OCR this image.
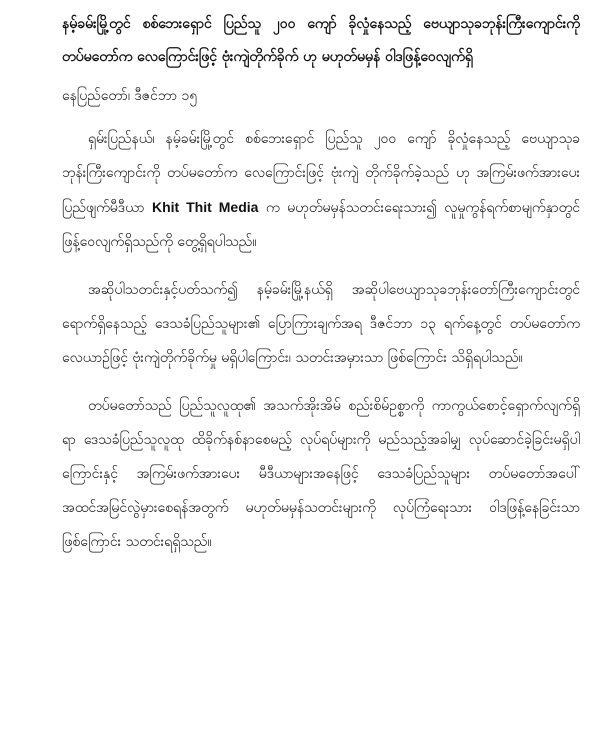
နမ့်ခမ်းမြို့တွင် စစ်ဘေးရှောင် ပြည်သူ ၂၀၀ ကျော် ခိုလှုံနေသည့် ဗေယျာသုခဘုန်းကြီးကျောင်းကို တပ်မတော်က လေကြောင်းဖြင့် ဗုံးကျဲတိုက်ခိုက် ဟု မဟုတ်မမှန် ဝါဒဖြန့်ဝေလျက်ရှိ

နေပြည်တော်၊ ဒီဇင်ဘာ ၁၅

ရှမ်းပြည်နယ်၊ နမ့်ခမ်းမြို့တွင် စစ်ဘေးရှောင် ပြည်သူ ၂၀၀ ကျော် ခိုလှုံနေသည့် ဗေယျာသုခဘုန်းကြီးကျောင်းကို တပ်မတော်က လေကြောင်းဖြင့် ဗုံးကျဲ တိုက်ခိုက်ခဲ့သည် ဟု အကြမ်းဖက်အားပေး ပြည်ဖျက်မီဒီယာ Khit Thit Media က မဟုတ်မမှန်သတင်းရေးသား၍ လူမှုကွန်ရက်စာမျက်နှာတွင် ဖြန့်ဝေလျက်ရှိသည်ကို တွေ့ရှိရပါသည်။

အဆိုပါသတင်းနှင့်ပတ်သက်၍ နမ့်ခမ်းမြို့နယ်ရှိ အဆိုပါဗေယျာသုခဘုန်းတော်ကြီးကျောင်းတွင် ရောက်ရှိနေသည့် ဒေသခံပြည်သူများ၏ ပြောကြားချက်အရ ဒီဇင်ဘာ ၁၃ ရက်နေ့တွင် တပ်မတော်က လေယာဉ်ဖြင့် ဗုံးကျဲတိုက်ခိုက်မှု မရှိပါကြောင်း၊ သတင်းအမှားသာ ဖြစ်ကြောင်း သိရှိရပါသည်။

တပ်မတော်သည် ပြည်သူလူထု၏ အသက်အိုးအိမ် စည်းစိမ်ဥစ္စာကို ကာကွယ်စောင့်ရှောက်လျက်ရှိရာ ဒေသခံပြည်သူလူထု ထိခိုက်နစ်နာစေမည့် လုပ်ရပ်များကို မည်သည့်အခါမျှ လုပ်ဆောင်ခဲ့ခြင်းမရှိပါကြောင်းနှင့် အကြမ်းဖက်အားပေး မီဒီယာများအနေဖြင့် ဒေသခံပြည်သူများ တပ်မတော်အပေါ် အထင်အမြင်လွဲမှားစေရန်အတွက် မဟုတ်မမှန်သတင်းများကို လုပ်ကြံရေးသား ဝါဒဖြန့်နေခြင်းသာဖြစ်ကြောင်း သတင်းရရှိသည်။
